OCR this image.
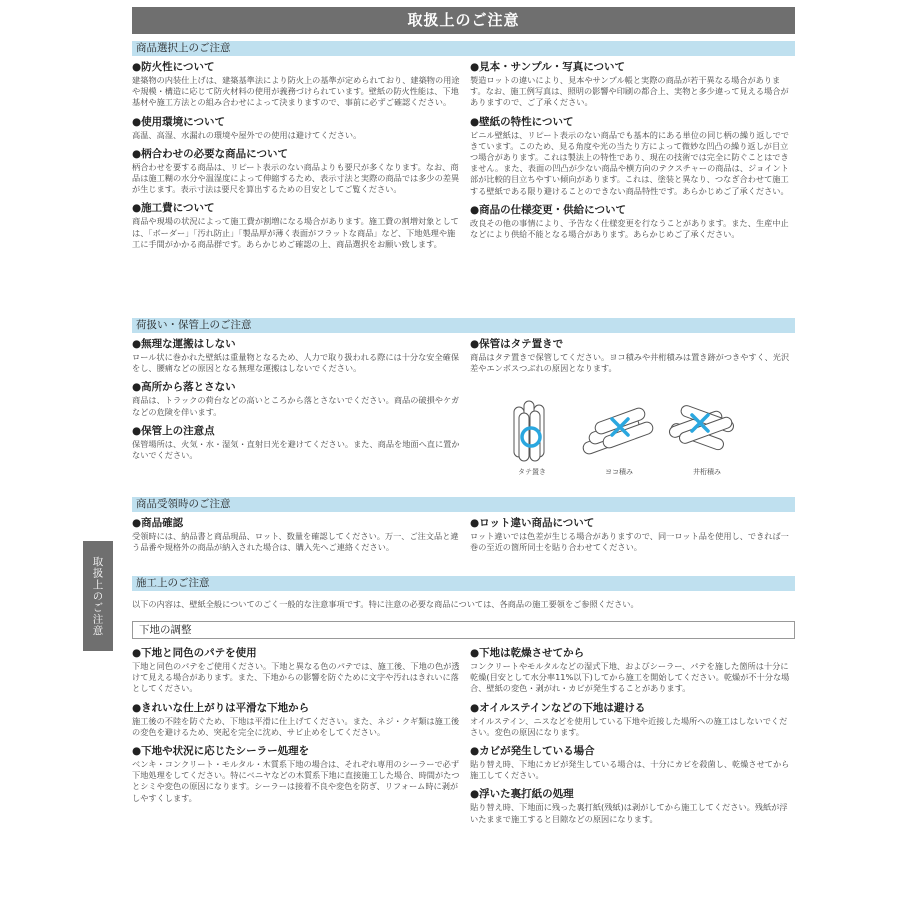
取扱上のご注意
商品選択上のご注意
●防火性について
建築物の内装仕上げは、建築基準法により防火上の基準が定められており、建築物の用途や規模・構造に応じて防火材料の使用が義務づけられています。壁紙の防火性能は、下地基材や施工方法との組み合わせによって決まりますので、事前に必ずご確認ください。
●使用環境について
高温、高湿、水漏れの環境や屋外での使用は避けてください。
●柄合わせの必要な商品について
柄合わせを要する商品は、リピート表示のない商品よりも要尺が多くなります。なお、商品は施工糊の水分や温湿度によって伸縮するため、表示寸法と実際の商品では多少の差異が生じます。表示寸法は要尺を算出するための目安としてご覧ください。
●施工費について
商品や現場の状況によって施工費が割増になる場合があります。施工費の割増対象としては、「ボーダー」「汚れ防止」「製品厚が薄く表面がフラットな商品」など、下地処理や施工に手間がかかる商品群です。あらかじめご確認の上、商品選択をお願い致します。
●見本・サンプル・写真について
製造ロットの違いにより、見本やサンプル帳と実際の商品が若干異なる場合があります。なお、施工例写真は、照明の影響や印刷の都合上、実物と多少違って見える場合がありますので、ご了承ください。
●壁紙の特性について
ビニル壁紙は、リピート表示のない商品でも基本的にある単位の同じ柄の繰り返しでできています。このため、見る角度や光の当たり方によって微妙な凹凸の繰り返しが目立つ場合があります。これは製法上の特性であり、現在の技術では完全に防ぐことはできません。また、表面の凹凸が少ない商品や横方向のテクスチャーの商品は、ジョイント部が比較的目立ちやすい傾向があります。これは、塗装と異なり、つなぎ合わせて施工する壁紙である限り避けることのできない商品特性です。あらかじめご了承ください。
●商品の仕様変更・供給について
改良その他の事情により、予告なく仕様変更を行なうことがあります。また、生産中止などにより供給不能となる場合があります。あらかじめご了承ください。
荷扱い・保管上のご注意
●無理な運搬はしない
ロール状に巻かれた壁紙は重量物となるため、人力で取り扱われる際には十分な安全確保をし、腰痛などの原因となる無理な運搬はしないでください。
●高所から落とさない
商品は、トラックの荷台などの高いところから落とさないでください。商品の破損やケガなどの危険を伴います。
●保管上の注意点
保管場所は、火気・水・湿気・直射日光を避けてください。また、商品を地面へ直に置かないでください。
●保管はタテ置きで
商品はタテ置きで保管してください。ヨコ積みや井桁積みは置き跡がつきやすく、光沢差やエンボスつぶれの原因となります。
タテ置き	ヨコ積み	井桁積み
商品受領時のご注意
●商品確認
受領時には、納品書と商品現品、ロット、数量を確認してください。万一、ご注文品と違う品番や規格外の商品が納入された場合は、購入先へご連絡ください。
●ロット違い商品について
ロット違いでは色差が生じる場合がありますので、同一ロット品を使用し、できれば一巻の至近の箇所同士を貼り合わせてください。
施工上のご注意
以下の内容は、壁紙全般についてのごく一般的な注意事項です。特に注意の必要な商品については、各商品の施工要領をご参照ください。
下地の調整
●下地と同色のパテを使用
下地と同色のパテをご使用ください。下地と異なる色のパテでは、施工後、下地の色が透けて見える場合があります。また、下地からの影響を防ぐために文字や汚れはきれいに落としてください。
●きれいな仕上がりは平滑な下地から
施工後の不陸を防ぐため、下地は平滑に仕上げてください。また、ネジ・クギ類は施工後の変色を避けるため、突起を完全に沈め、サビ止めをしてください。
●下地や状況に応じたシーラー処理を
ベンキ・コンクリート・モルタル・木質系下地の場合は、それぞれ専用のシーラーで必ず下地処理をしてください。特にベニヤなどの木質系下地に直接施工した場合、時間がたつとシミや変色の原因になります。シーラーは接着不良や変色を防ぎ、リフォーム時に剥がしやすくします。
●下地は乾燥させてから
コンクリートやモルタルなどの湿式下地、およびシーラー、パテを施した箇所は十分に乾燥(目安として水分率11%以下)してから施工を開始してください。乾燥が不十分な場合、壁紙の変色・剥がれ・カビが発生することがあります。
●オイルステインなどの下地は避ける
オイルステイン、ニスなどを使用している下地や近接した場所への施工はしないでください。変色の原因になります。
●カビが発生している場合
貼り替え時、下地にカビが発生している場合は、十分にカビを殺菌し、乾燥させてから施工してください。
●浮いた裏打紙の処理
貼り替え時、下地面に残った裏打紙(残紙)は剥がしてから施工してください。残紙が浮いたままで施工すると目隙などの原因になります。
取扱上のご注意
